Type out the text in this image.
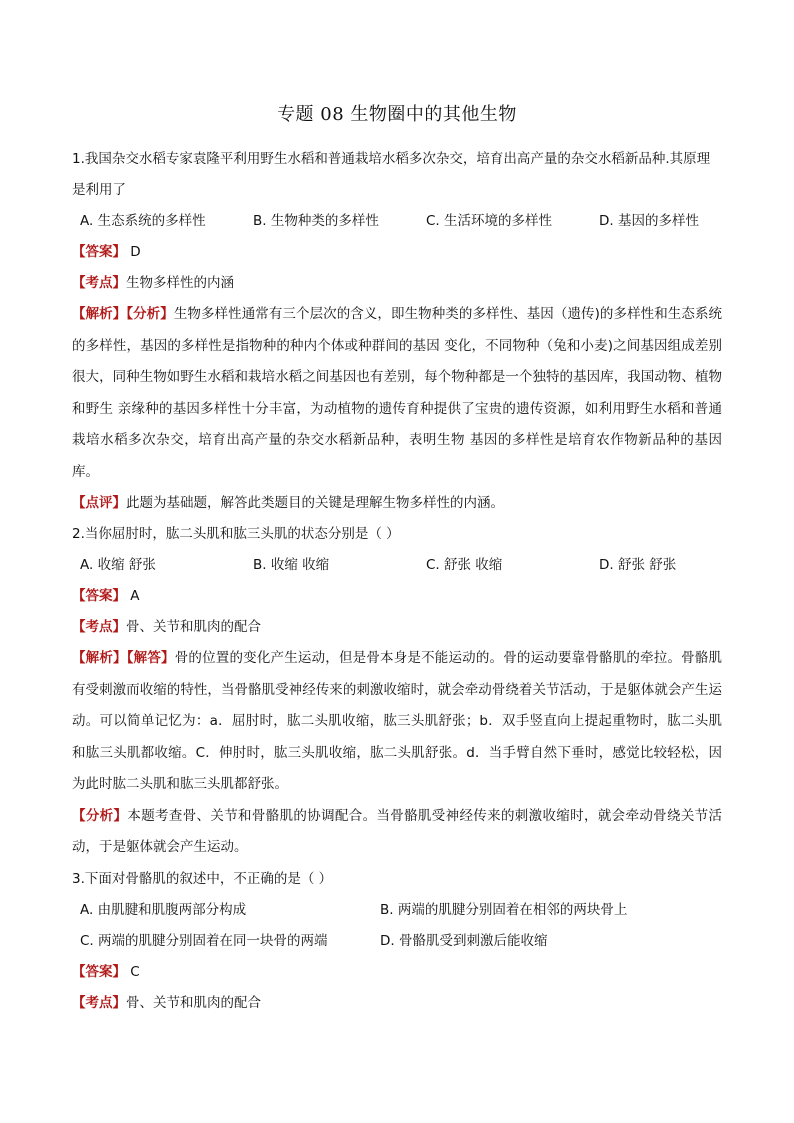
专题 08 生物圈中的其他生物

1.我国杂交水稻专家袁隆平利用野生水稻和普通栽培水稻多次杂交，培育出高产量的杂交水稻新品种.其原理是利用了

A. 生态系统的多样性	B. 生物种类的多样性	C. 生活环境的多样性	D. 基因的多样性

【答案】 D

【考点】生物多样性的内涵

【解析】【分析】生物多样性通常有三个层次的含义，即生物种类的多样性、基因（遗传)的多样性和生态系统的多样性，基因的多样性是指物种的种内个体或种群间的基因 变化，不同物种（兔和小麦)之间基因组成差别很大，同种生物如野生水稻和栽培水稻之间基因也有差别，每个物种都是一个独特的基因库，我国动物、植物和野生 亲缘种的基因多样性十分丰富，为动植物的遗传育种提供了宝贵的遗传资源，如利用野生水稻和普通栽培水稻多次杂交，培育出高产量的杂交水稻新品种，表明生物 基因的多样性是培育农作物新品种的基因库。

【点评】此题为基础题，解答此类题目的关键是理解生物多样性的内涵。

2.当你屈肘时，肱二头肌和肱三头肌的状态分别是（ ）

A. 收缩 舒张	B. 收缩 收缩	C. 舒张 收缩	D. 舒张 舒张

【答案】 A

【考点】骨、关节和肌肉的配合

【解析】【解答】骨的位置的变化产生运动，但是骨本身是不能运动的。骨的运动要靠骨骼肌的牵拉。骨骼肌有受刺激而收缩的特性，当骨骼肌受神经传来的刺激收缩时，就会牵动骨绕着关节活动，于是躯体就会产生运动。可以简单记忆为：a．屈肘时，肱二头肌收缩，肱三头肌舒张；b．双手竖直向上提起重物时，肱二头肌和肱三头肌都收缩。C．伸肘时，肱三头肌收缩，肱二头肌舒张。d．当手臂自然下垂时，感觉比较轻松，因为此时肱二头肌和肱三头肌都舒张。

【分析】本题考查骨、关节和骨骼肌的协调配合。当骨骼肌受神经传来的刺激收缩时，就会牵动骨绕关节活动，于是躯体就会产生运动。

3.下面对骨骼肌的叙述中，不正确的是（ ）

A. 由肌腱和肌腹两部分构成	B. 两端的肌腱分别固着在相邻的两块骨上
C. 两端的肌腱分别固着在同一块骨的两端	D. 骨骼肌受到刺激后能收缩

【答案】 C

【考点】骨、关节和肌肉的配合
